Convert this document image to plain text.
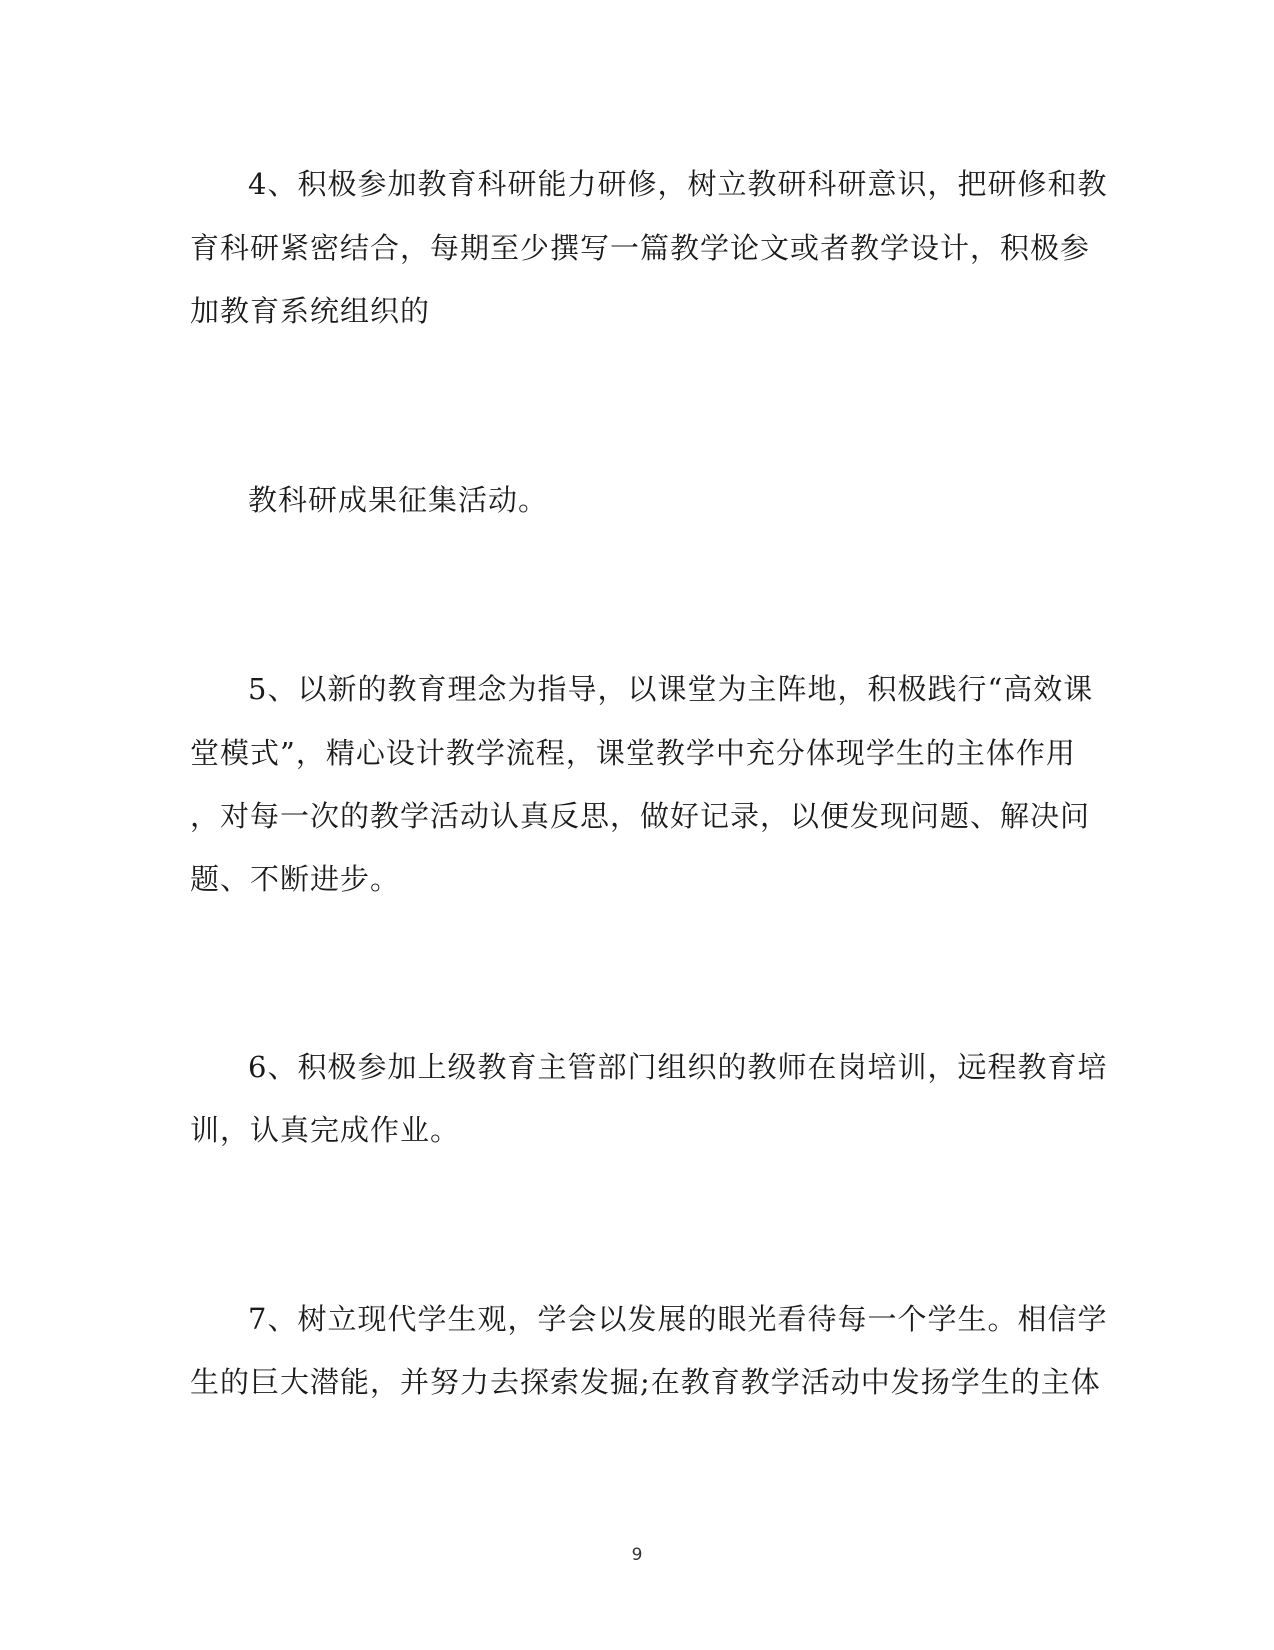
4、积极参加教育科研能力研修，树立教研科研意识，把研修和教
育科研紧密结合，每期至少撰写一篇教学论文或者教学设计，积极参
加教育系统组织的
教科研成果征集活动。
5、以新的教育理念为指导，以课堂为主阵地，积极践行“高效课
堂模式”，精心设计教学流程，课堂教学中充分体现学生的主体作用
，对每一次的教学活动认真反思，做好记录，以便发现问题、解决问
题、不断进步。
6、积极参加上级教育主管部门组织的教师在岗培训，远程教育培
训，认真完成作业。
7、树立现代学生观，学会以发展的眼光看待每一个学生。相信学
生的巨大潜能，并努力去探索发掘;在教育教学活动中发扬学生的主体
9
